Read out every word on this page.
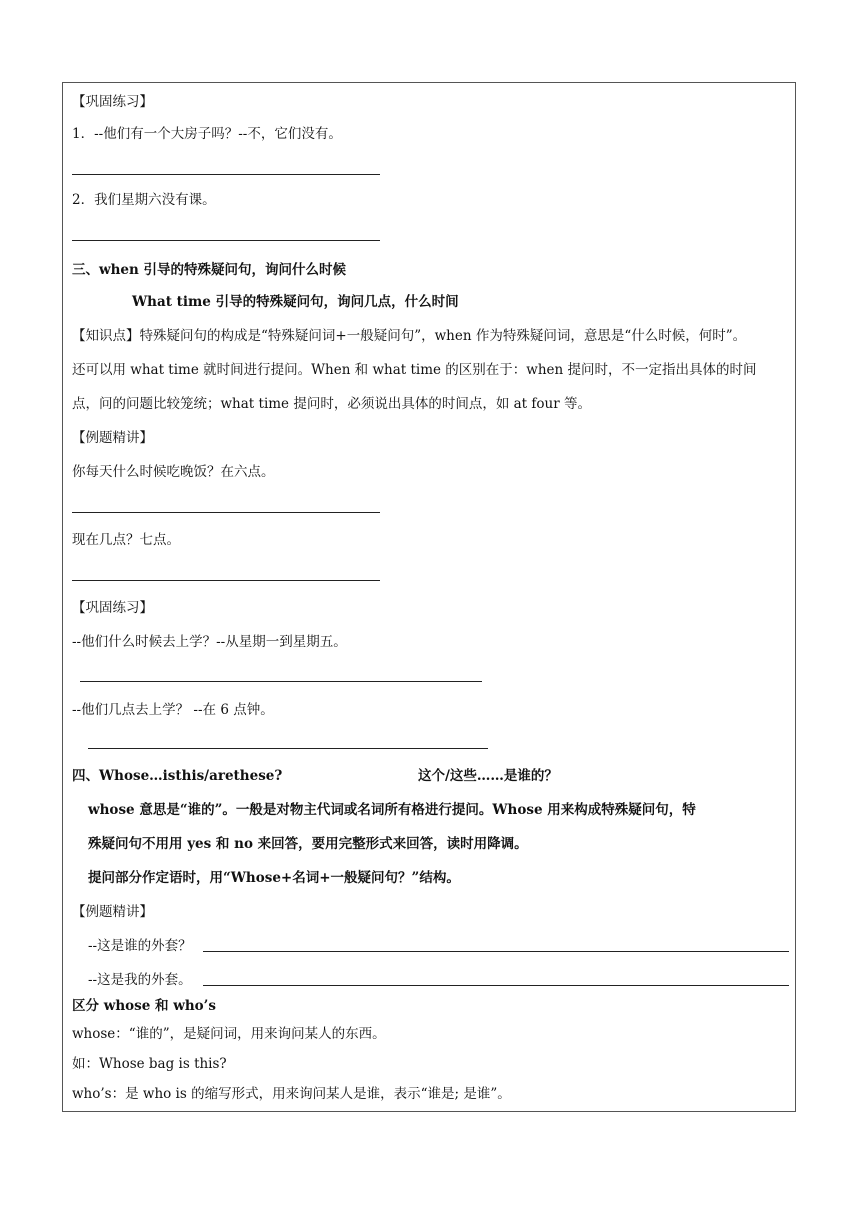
【巩固练习】
1．--他们有一个大房子吗？--不，它们没有。
2．我们星期六没有课。
三、when 引导的特殊疑问句，询问什么时候
What time 引导的特殊疑问句，询问几点，什么时间
【知识点】特殊疑问句的构成是“特殊疑问词+一般疑问句”，when 作为特殊疑问词，意思是“什么时候，何时”。
还可以用 what time 就时间进行提问。When 和 what time 的区别在于：when 提问时，不一定指出具体的时间
点，问的问题比较笼统；what time 提问时，必须说出具体的时间点，如 at four 等。
【例题精讲】
你每天什么时候吃晚饭？在六点。
现在几点？七点。
【巩固练习】
--他们什么时候去上学？--从星期一到星期五。
--他们几点去上学？ --在 6 点钟。
四、Whose…isthis/arethese?	这个/这些……是谁的？
whose 意思是“谁的”。一般是对物主代词或名词所有格进行提问。Whose 用来构成特殊疑问句，特
殊疑问句不用用 yes 和 no 来回答，要用完整形式来回答，读时用降调。
提问部分作定语时，用“Whose+名词+一般疑问句？”结构。
【例题精讲】
--这是谁的外套？
--这是我的外套。
区分 whose 和 who’s
whose：“谁的”，是疑问词，用来询问某人的东西。
如：Whose bag is this?
who’s：是 who is 的缩写形式，用来询问某人是谁，表示“谁是; 是谁”。
